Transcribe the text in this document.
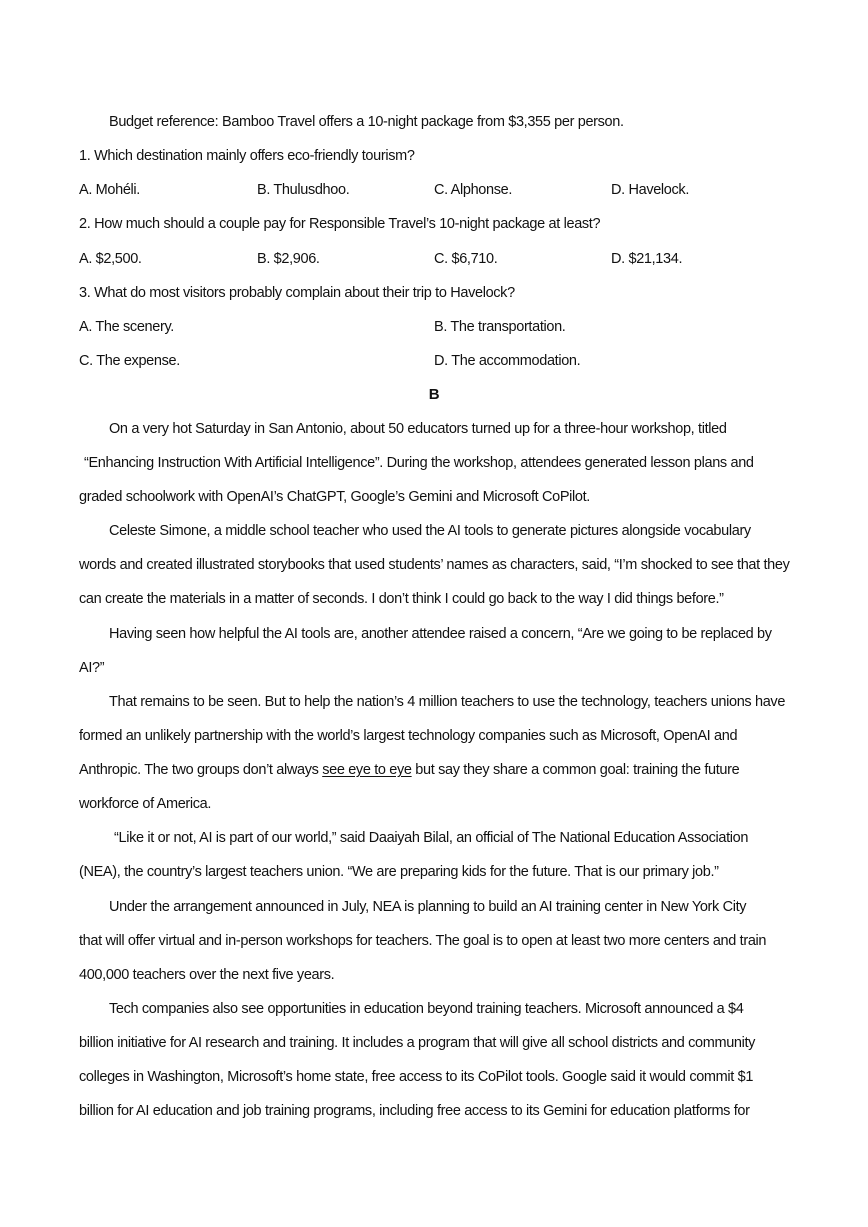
Budget reference: Bamboo Travel offers a 10-night package from $3,355 per person.
1. Which destination mainly offers eco-friendly tourism?
A. Mohéli.	B. Thulusdhoo.	C. Alphonse.	D. Havelock.
2. How much should a couple pay for Responsible Travel’s 10-night package at least?
A. $2,500.	B. $2,906.	C. $6,710.	D. $21,134.
3. What do most visitors probably complain about their trip to Havelock?
A. The scenery.	B. The transportation.
C. The expense.	D. The accommodation.
B
On a very hot Saturday in San Antonio, about 50 educators turned up for a three-hour workshop, titled
“Enhancing Instruction With Artificial Intelligence”. During the workshop, attendees generated lesson plans and
graded schoolwork with OpenAI’s ChatGPT, Google’s Gemini and Microsoft CoPilot.
Celeste Simone, a middle school teacher who used the AI tools to generate pictures alongside vocabulary
words and created illustrated storybooks that used students’ names as characters, said, “I’m shocked to see that they
can create the materials in a matter of seconds. I don’t think I could go back to the way I did things before.”
Having seen how helpful the AI tools are, another attendee raised a concern, “Are we going to be replaced by
AI?”
That remains to be seen. But to help the nation’s 4 million teachers to use the technology, teachers unions have
formed an unlikely partnership with the world’s largest technology companies such as Microsoft, OpenAI and
Anthropic. The two groups don’t always see eye to eye but say they share a common goal: training the future
workforce of America.
“Like it or not, AI is part of our world,” said Daaiyah Bilal, an official of The National Education Association
(NEA), the country’s largest teachers union. “We are preparing kids for the future. That is our primary job.”
Under the arrangement announced in July, NEA is planning to build an AI training center in New York City
that will offer virtual and in-person workshops for teachers. The goal is to open at least two more centers and train
400,000 teachers over the next five years.
Tech companies also see opportunities in education beyond training teachers. Microsoft announced a $4
billion initiative for AI research and training. It includes a program that will give all school districts and community
colleges in Washington, Microsoft’s home state, free access to its CoPilot tools. Google said it would commit $1
billion for AI education and job training programs, including free access to its Gemini for education platforms for
